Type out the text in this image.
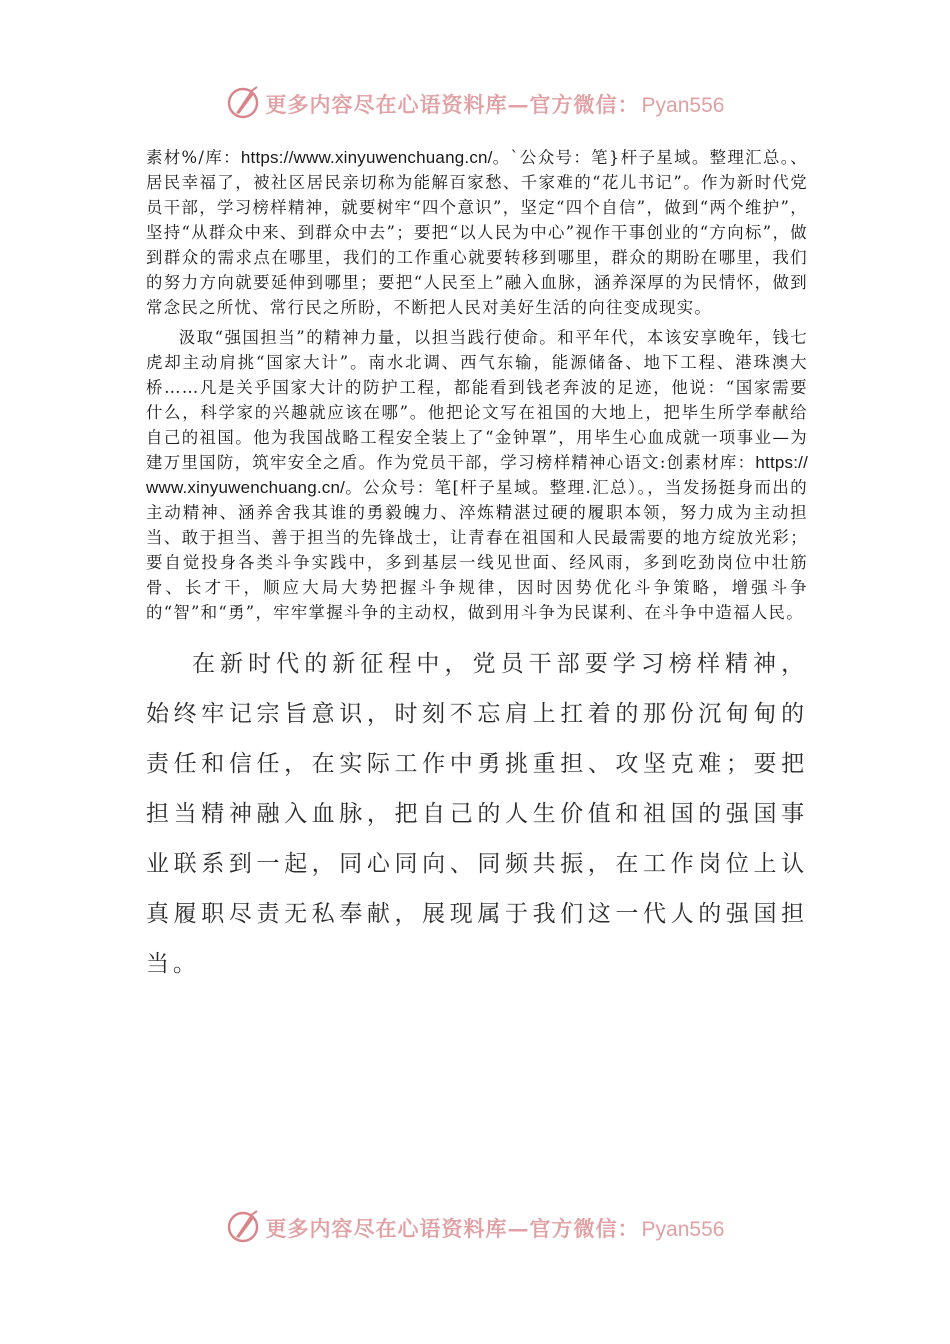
更多内容尽在心语资料库—官方微信：Pyan556

素材%/库：https://www.xinyuwenchuang.cn/。`公众号：笔}杆子星域。整理汇总。、居民幸福了，被社区居民亲切称为能解百家愁、千家难的“花儿书记”。作为新时代党员干部，学习榜样精神，就要树牢“四个意识”，坚定“四个自信”，做到“两个维护”，坚持“从群众中来、到群众中去”；要把“以人民为中心”视作干事创业的“方向标”，做到群众的需求点在哪里，我们的工作重心就要转移到哪里，群众的期盼在哪里，我们的努力方向就要延伸到哪里；要把“人民至上”融入血脉，涵养深厚的为民情怀，做到常念民之所忧、常行民之所盼，不断把人民对美好生活的向往变成现实。

汲取“强国担当”的精神力量，以担当践行使命。和平年代，本该安享晚年，钱七虎却主动肩挑“国家大计”。南水北调、西气东输，能源储备、地下工程、港珠澳大桥……凡是关乎国家大计的防护工程，都能看到钱老奔波的足迹，他说：“国家需要什么，科学家的兴趣就应该在哪”。他把论文写在祖国的大地上，把毕生所学奉献给自己的祖国。他为我国战略工程安全装上了“金钟罩”，用毕生心血成就一项事业—为建万里国防，筑牢安全之盾。作为党员干部，学习榜样精神心语文:创素材库：https://www.xinyuwenchuang.cn/。公众号：笔[杆子星域。整理.汇总）。，当发扬挺身而出的主动精神、涵养舍我其谁的勇毅魄力、淬炼精湛过硬的履职本领，努力成为主动担当、敢于担当、善于担当的先锋战士，让青春在祖国和人民最需要的地方绽放光彩；要自觉投身各类斗争实践中，多到基层一线见世面、经风雨，多到吃劲岗位中壮筋骨、长才干，顺应大局大势把握斗争规律，因时因势优化斗争策略，增强斗争的“智”和“勇”，牢牢掌握斗争的主动权，做到用斗争为民谋利、在斗争中造福人民。

在新时代的新征程中，党员干部要学习榜样精神，始终牢记宗旨意识，时刻不忘肩上扛着的那份沉甸甸的责任和信任，在实际工作中勇挑重担、攻坚克难；要把担当精神融入血脉，把自己的人生价值和祖国的强国事业联系到一起，同心同向、同频共振，在工作岗位上认真履职尽责无私奉献，展现属于我们这一代人的强国担当。

更多内容尽在心语资料库—官方微信：Pyan556
